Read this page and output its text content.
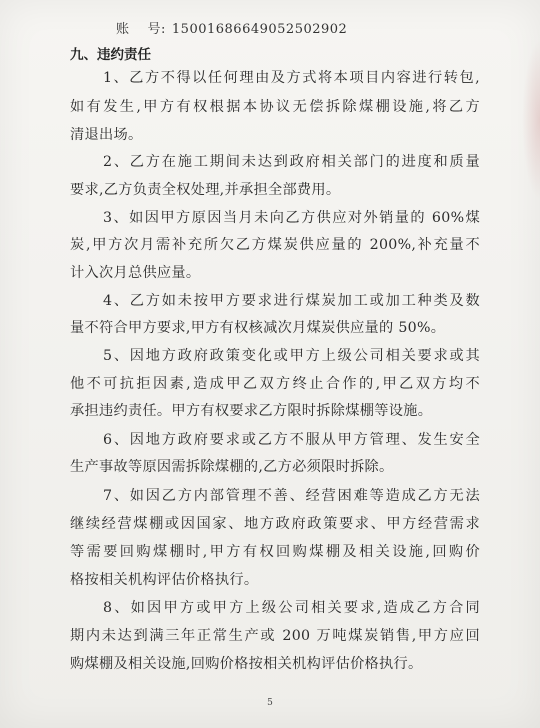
账 号: 15001686649052502902
九、违约责任
1、乙方不得以任何理由及方式将本项目内容进行转包,
如有发生,甲方有权根据本协议无偿拆除煤棚设施,将乙方
清退出场。
2、乙方在施工期间未达到政府相关部门的进度和质量
要求,乙方负责全权处理,并承担全部费用。
3、如因甲方原因当月未向乙方供应对外销量的 60%煤
炭,甲方次月需补充所欠乙方煤炭供应量的 200%,补充量不
计入次月总供应量。
4、乙方如未按甲方要求进行煤炭加工或加工种类及数
量不符合甲方要求,甲方有权核减次月煤炭供应量的 50%。
5、因地方政府政策变化或甲方上级公司相关要求或其
他不可抗拒因素,造成甲乙双方终止合作的,甲乙双方均不
承担违约责任。甲方有权要求乙方限时拆除煤棚等设施。
6、因地方政府要求或乙方不服从甲方管理、发生安全
生产事故等原因需拆除煤棚的,乙方必须限时拆除。
7、如因乙方内部管理不善、经营困难等造成乙方无法
继续经营煤棚或因国家、地方政府政策要求、甲方经营需求
等需要回购煤棚时,甲方有权回购煤棚及相关设施,回购价
格按相关机构评估价格执行。
8、如因甲方或甲方上级公司相关要求,造成乙方合同
期内未达到满三年正常生产或 200 万吨煤炭销售,甲方应回
购煤棚及相关设施,回购价格按相关机构评估价格执行。
5
